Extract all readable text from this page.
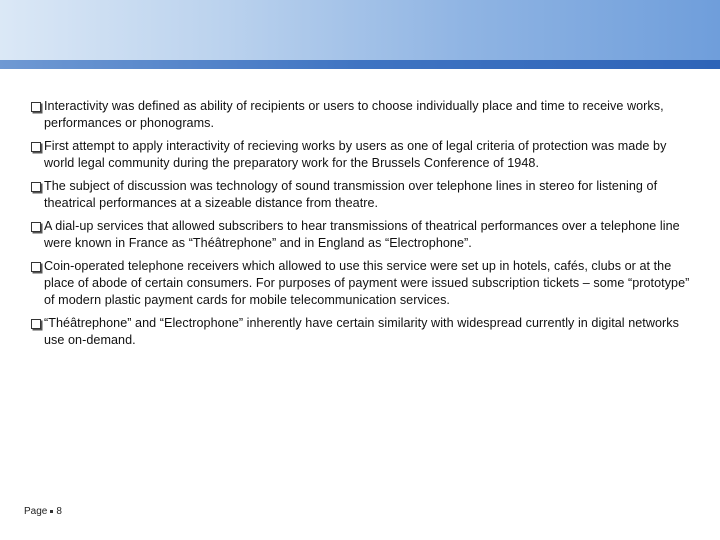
Interactivity was defined as ability of recipients or users to choose individually place and time to receive works, performances or phonograms.
First attempt to apply interactivity of recieving works by users as one of legal criteria of protection was made by world legal community during the preparatory work for the Brussels Conference of 1948.
The subject of discussion was technology of sound transmission over telephone lines in stereo for listening of theatrical performances at a sizeable distance from theatre.
A dial-up services that allowed subscribers to hear transmissions of theatrical performances over a telephone line were known in France as “Théâtrephone” and in England as “Electrophone”.
Coin-operated telephone receivers which allowed to use this service were set up in hotels, cafés, clubs or at the place of abode of certain consumers. For purposes of payment were issued subscription tickets – some “prototype” of modern plastic payment cards for mobile telecommunication services.
“Théâtrephone” and “Electrophone” inherently have certain similarity with widespread currently in digital networks use on-demand.
Page 8
